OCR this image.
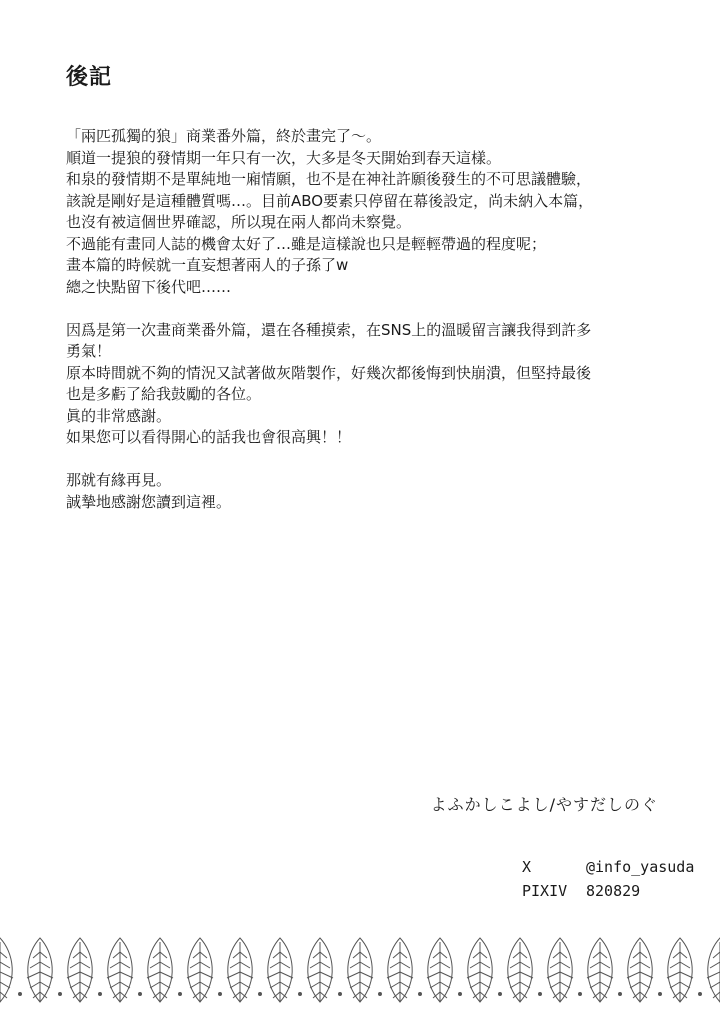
後記

「兩匹孤獨的狼」商業番外篇，終於畫完了～。
順道一提狼的發情期一年只有一次，大多是冬天開始到春天這樣。
和泉的發情期不是單純地一廂情願，也不是在神社許願後發生的不可思議體驗，
該說是剛好是這種體質嗎…。目前ABO要素只停留在幕後設定，尚未納入本篇，
也沒有被這個世界確認，所以現在兩人都尚未察覺。
不過能有畫同人誌的機會太好了…雖是這樣說也只是輕輕帶過的程度呢；
畫本篇的時候就一直妄想著兩人的子孫了w
總之快點留下後代吧……

因爲是第一次畫商業番外篇，還在各種摸索，在SNS上的溫暖留言讓我得到許多
勇氣！
原本時間就不夠的情況又試著做灰階製作，好幾次都後悔到快崩潰，但堅持最後
也是多虧了給我鼓勵的各位。
眞的非常感謝。
如果您可以看得開心的話我也會很高興！！

那就有緣再見。
誠摯地感謝您讀到這裡。

よふかしこよし/やすだしのぐ
X	@info_yasuda
PIXIV 820829
